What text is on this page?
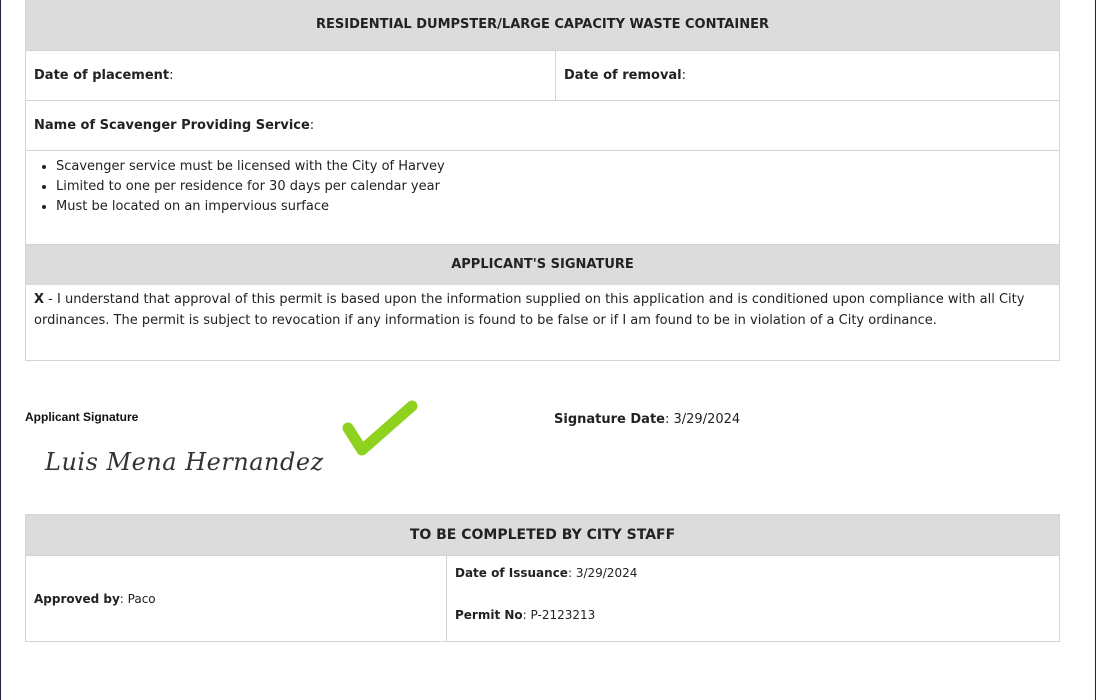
RESIDENTIAL DUMPSTER/LARGE CAPACITY WASTE CONTAINER
Date of placement :
	Date of removal :

Name of Scavenger Providing Service :

• Scavenger service must be licensed with the City of Harvey
• Limited to one per residence for 30 days per calendar year
• Must be located on an impervious surface
APPLICANT'S SIGNATURE
X - I understand that approval of this permit is based upon the information supplied on this application and is conditioned upon compliance with all City ordinances. The permit is subject to revocation if any information is found to be false or if I am found to be in violation of a City ordinance.
Applicant Signature
Luis Mena Hernandez
Signature Date: 3/29/2024
TO BE COMPLETED BY CITY STAFF
Approved by: Paco
Date of Issuance: 3/29/2024
Permit No: P-2123213
